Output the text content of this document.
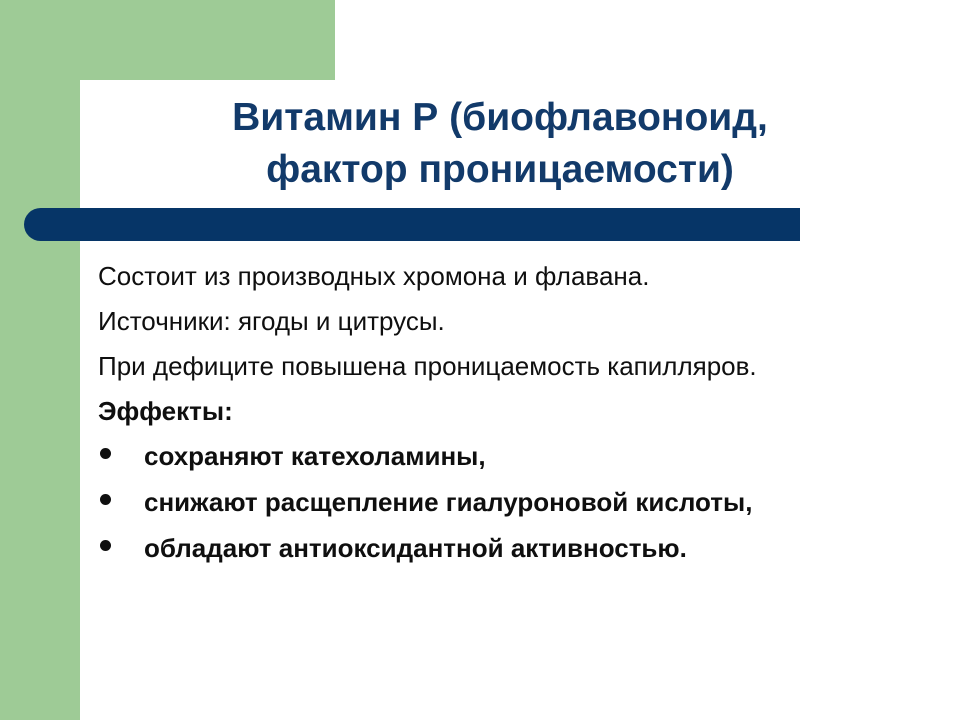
Витамин Р (биофлавоноид,
фактор проницаемости)

Состоит из производных хромона и флавана.

Источники: ягоды и цитрусы.

При дефиците повышена проницаемость капилляров.

Эффекты:

сохраняют катехоламины,
снижают расщепление гиалуроновой кислоты,
обладают антиоксидантной активностью.
